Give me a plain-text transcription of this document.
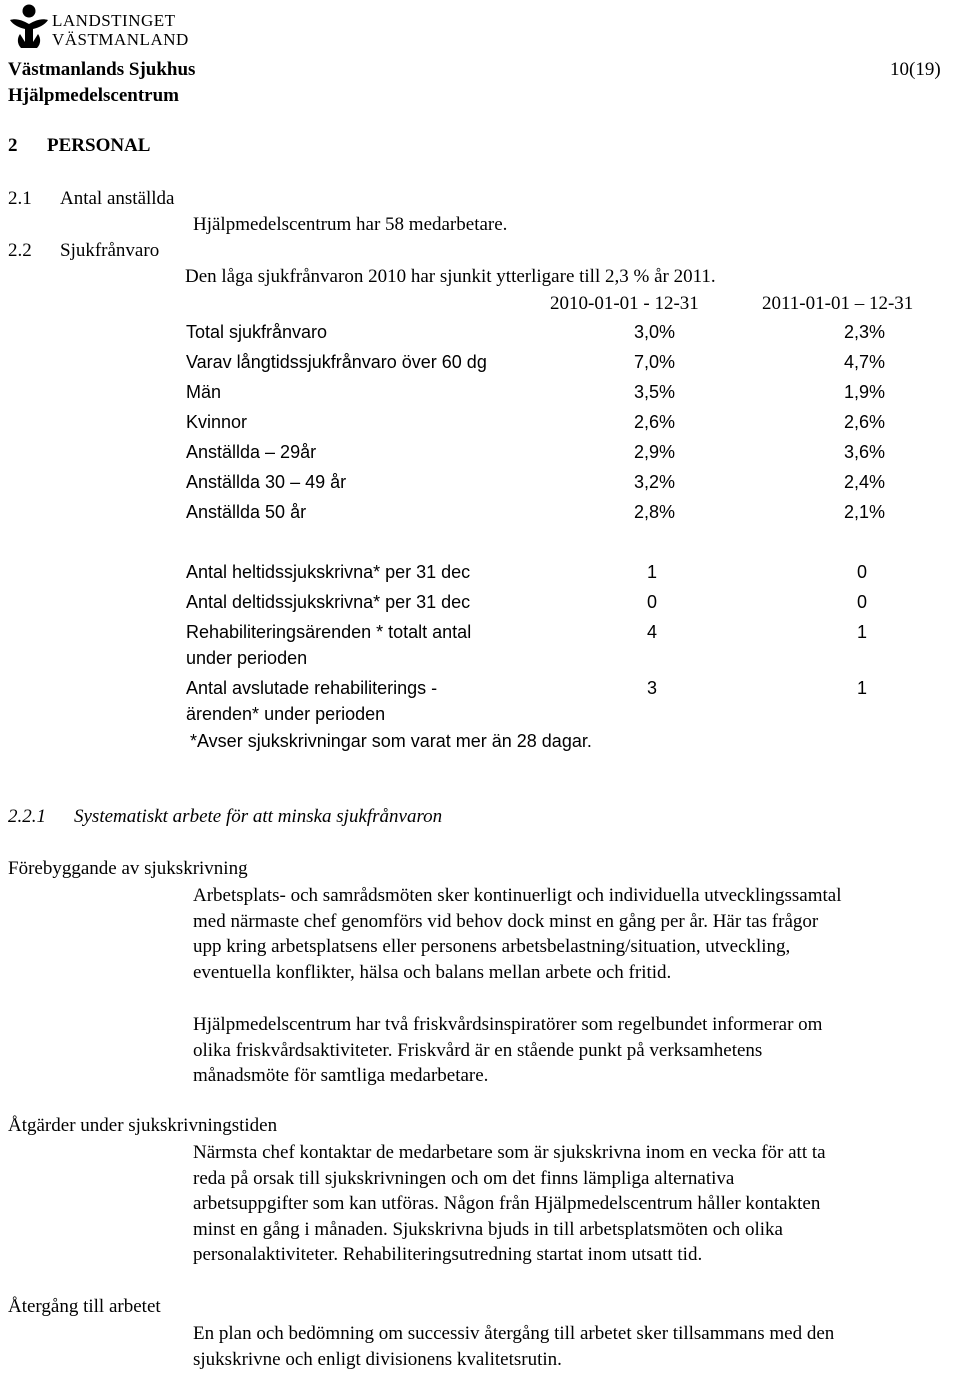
LANDSTINGET
VÄSTMANLAND
Västmanlands Sjukhus
Hjälpmedelscentrum
10(19)
2 PERSONAL
2.1 Antal anställda
Hjälpmedelscentrum har 58 medarbetare.
2.2 Sjukfrånvaro
Den låga sjukfrånvaron 2010 har sjunkit ytterligare till 2,3 % år 2011.
2010-01-01 - 12-31	2011-01-01 – 12-31
Total sjukfrånvaro	3,0%	2,3%
Varav långtidssjukfrånvaro över 60 dg	7,0%	4,7%
Män	3,5%	1,9%
Kvinnor	2,6%	2,6%
Anställda – 29år	2,9%	3,6%
Anställda 30 – 49 år	3,2%	2,4%
Anställda 50 år	2,8%	2,1%
Antal heltidssjukskrivna* per 31 dec	1	0
Antal deltidssjukskrivna* per 31 dec	0	0
Rehabiliteringsärenden * totalt antal
under perioden
4	1
Antal avslutade rehabiliterings -
ärenden* under perioden
3	1
*Avser sjukskrivningar som varat mer än 28 dagar.
2.2.1 Systematiskt arbete för att minska sjukfrånvaron
Förebyggande av sjukskrivning
Arbetsplats- och samrådsmöten sker kontinuerligt och individuella utvecklingssamtal
med närmaste chef genomförs vid behov dock minst en gång per år. Här tas frågor
upp kring arbetsplatsens eller personens arbetsbelastning/situation, utveckling,
eventuella konflikter, hälsa och balans mellan arbete och fritid.
Hjälpmedelscentrum har två friskvårdsinspiratörer som regelbundet informerar om
olika friskvårdsaktiviteter. Friskvård är en stående punkt på verksamhetens
månadsmöte för samtliga medarbetare.
Åtgärder under sjukskrivningstiden
Närmsta chef kontaktar de medarbetare som är sjukskrivna inom en vecka för att ta
reda på orsak till sjukskrivningen och om det finns lämpliga alternativa
arbetsuppgifter som kan utföras. Någon från Hjälpmedelscentrum håller kontakten
minst en gång i månaden. Sjukskrivna bjuds in till arbetsplatsmöten och olika
personalaktiviteter. Rehabiliteringsutredning startat inom utsatt tid.
Återgång till arbetet
En plan och bedömning om successiv återgång till arbetet sker tillsammans med den
sjukskrivne och enligt divisionens kvalitetsrutin.
